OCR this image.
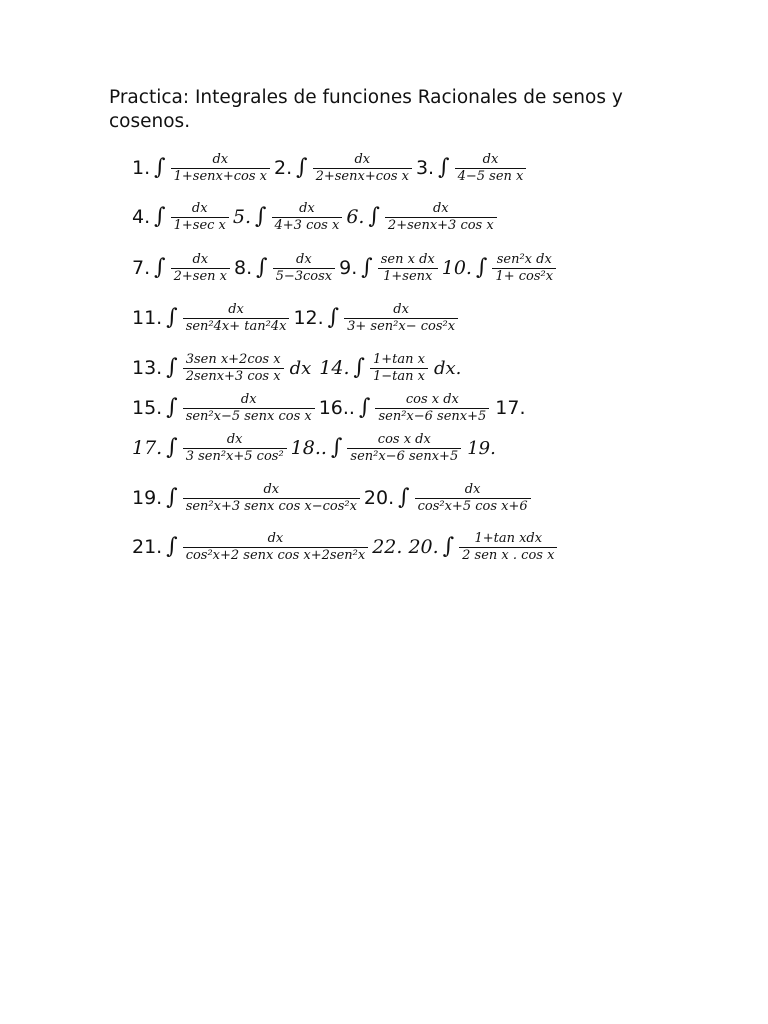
Practica: Integrales de funciones Racionales de senos y cosenos.
1. ∫ $\frac{dx}{\text{1+senx+cos x}} 2$. ∫ $\frac{dx}{\text{2+senx+cos x}} 3$. ∫ $\frac{dx}{\text{4−5 sen x}}$
4. ∫ $\frac{dx}{\text{1+sec x}} 5$. ∫ $\frac{dx}{\text{4+3 cos x}} 6$. ∫ $\frac{dx}{\text{2+senx+3 cos x}}$
7. ∫ $\frac{dx}{\text{2+sen x}} 8$. ∫ $\frac{dx}{5-3\cos x} 9$. ∫ $\frac{\text{sen x dx}}{\text{1+senx}} 10$. ∫ $\frac{\text{sen²x dx}}{\text{1+ cos²x}}$
11. ∫ $\frac{dx}{\text{sen²4x+ tan²4x}} 12$. ∫ $\frac{dx}{\text{3+ sen²x− cos²x}}$
13. ∫ $\frac{\text{3sen x+2cos x}}{\text{2senx+3 cos x}}$ dx 14. ∫ $\frac{\text{1+tan x}}{\text{1−tan x}}$ dx.
15. ∫ $\frac{dx}{\text{sen²x−5 senx cos x}} 16$.. ∫ $\frac{\text{cos x dx}}{\text{sen²x−6 senx+5}} 17$.
17. ∫ $\frac{dx}{\text{3 sen²x+5 cos²}} 18$.. ∫ $\frac{\text{cos x dx}}{\text{sen²x−6 senx+5}} 19$.
19. ∫ $\frac{dx}{\text{sen²x+3 senx cos x−cos²x}} 20$. ∫ $\frac{dx}{\text{cos²x+5 cos x+6}}$
21. ∫ $\frac{dx}{\text{cos²x+2 senx cos x+2sen²x}} 22$. 20. ∫ $\frac{\text{1+tan xdx}}{\text{2 sen x . cos x}}$
